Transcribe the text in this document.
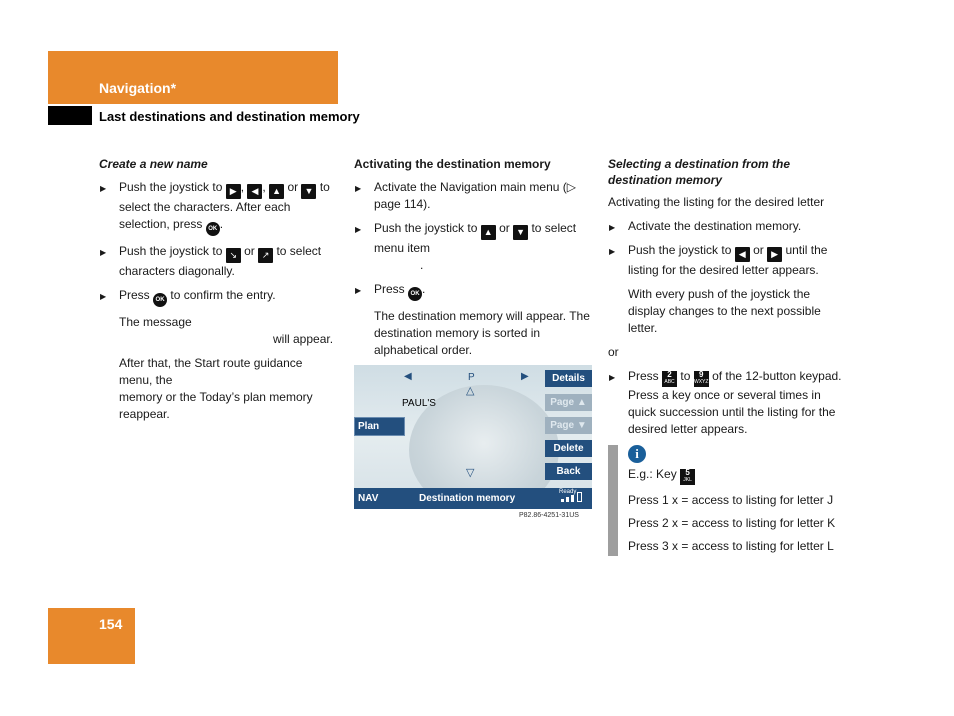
Navigation*
Last destinations and destination memory

Create a new name

▶ Push the joystick to ▶ , ◀ , ▲ or ▼ to select the characters. After each selection, press OK .

▶ Push the joystick to ↘ or ↗ to select characters diagonally.

▶ Press OK to confirm the entry.

The message
will appear.

After that, the Start route guidance menu, the
memory or the Today’s plan memory reappear.

Activating the destination memory

▶ Activate the Navigation main menu (▷ page 114).

▶ Push the joystick to ▲ or ▼ to select menu item
.

▶ Press OK .

The destination memory will appear. The destination memory is sorted in alphabetical order.

◀	P	▶
△
PAUL'S
Plan
▽
Details
Page ▲
Page ▼
Delete
Back
NAV	Destination memory
Ready
P82.86-4251-31US

Selecting a destination from the destination memory

Activating the listing for the desired letter

▶ Activate the destination memory.

▶ Push the joystick to ◀ or ▶ until the listing for the desired letter appears.

With every push of the joystick the display changes to the next possible letter.

or

▶ Press 2
ABC to 9
WXYZ of the 12-button keypad. Press a key once or several times in quick succession until the listing for the desired letter appears.

i
E.g.: Key 5
JKL
Press 1 x = access to listing for letter J
Press 2 x = access to listing for letter K
Press 3 x = access to listing for letter L
154
